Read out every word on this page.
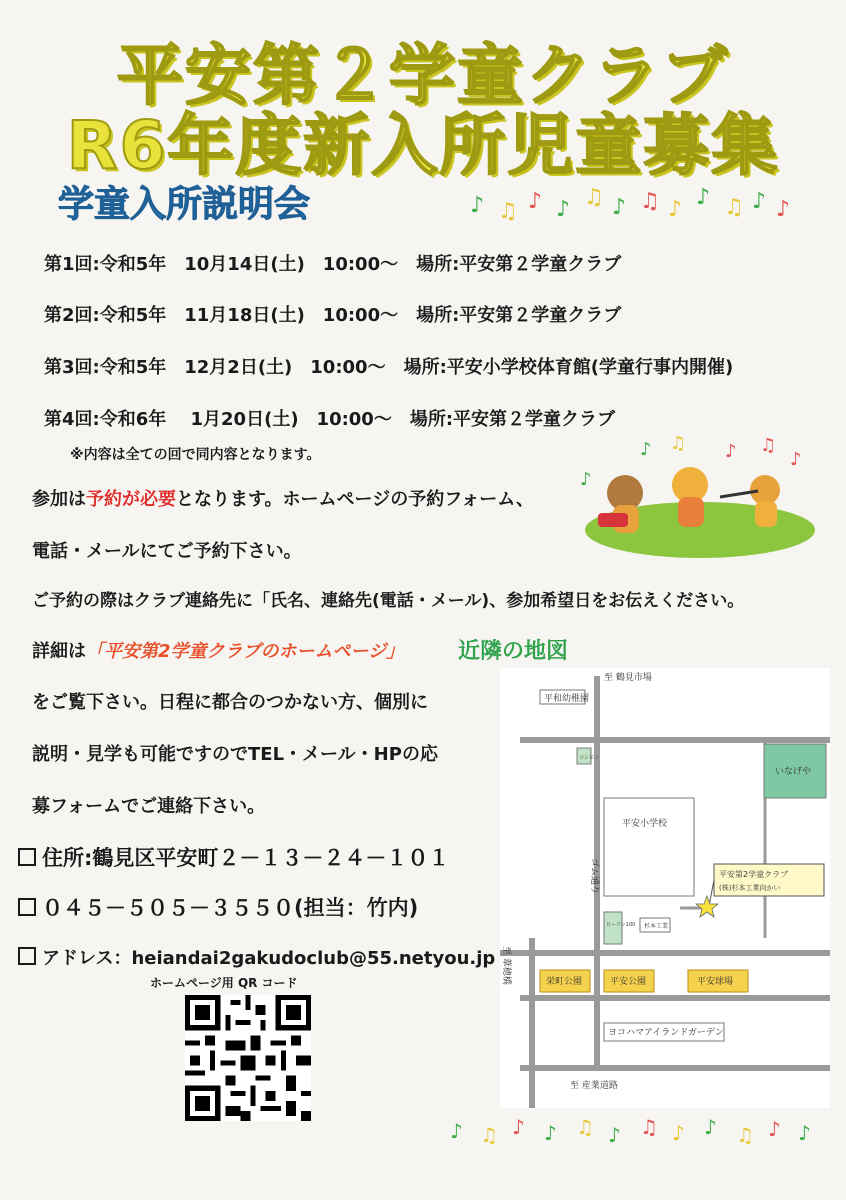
平安第２学童クラブ
R6年度新入所児童募集
学童入所説明会	♪ ♫ ♪ ♪ ♫ ♪ ♫ ♪ ♪ ♫ ♪ ♪
第1回:令和5年　10月14日(土)　10:00～　場所:平安第２学童クラブ
第2回:令和5年　11月18日(土)　10:00～　場所:平安第２学童クラブ
第3回:令和5年　12月2日(土)　10:00～　場所:平安小学校体育館(学童行事内開催)
第4回:令和6年　 1月20日(土)　10:00～　場所:平安第２学童クラブ
※内容は全ての回で同内容となります。	♪ ♫ ♪ ♫
♪
♪
参加は予約が必要となります。ホームページの予約フォーム、
電話・メールにてご予約下さい。
ご予約の際はクラブ連絡先に「氏名、連絡先(電話・メール)、参加希望日をお伝えください。
詳細は「平安第2学童クラブのホームページ」
をご覧下さい。日程に都合のつかない方、個別に
説明・見学も可能ですのでTEL・メール・HPの応
募フォームでご連絡下さい。
住所:鶴見区平安町２－１３－２４－１０１
０４５－５０５－３５５０(担当：竹内)
アドレス：heiandai2gakudoclub@55.netyou.jp
ホームページ用 QR コード
近隣の地図
至 鶴見市場
平和幼稚園
コンビニ
いなげや
平安小学校
ゴム通り	平安第2学童クラブ
(株)杉本工業向かい
ローソン100 杉本工業
至 葦穂橋	栄町公園	平安公園	平安球場
ヨコハマアイランドガーデン
至 産業道路
♪ ♫ ♪ ♪ ♫ ♪ ♫ ♪ ♪ ♫ ♪ ♪
